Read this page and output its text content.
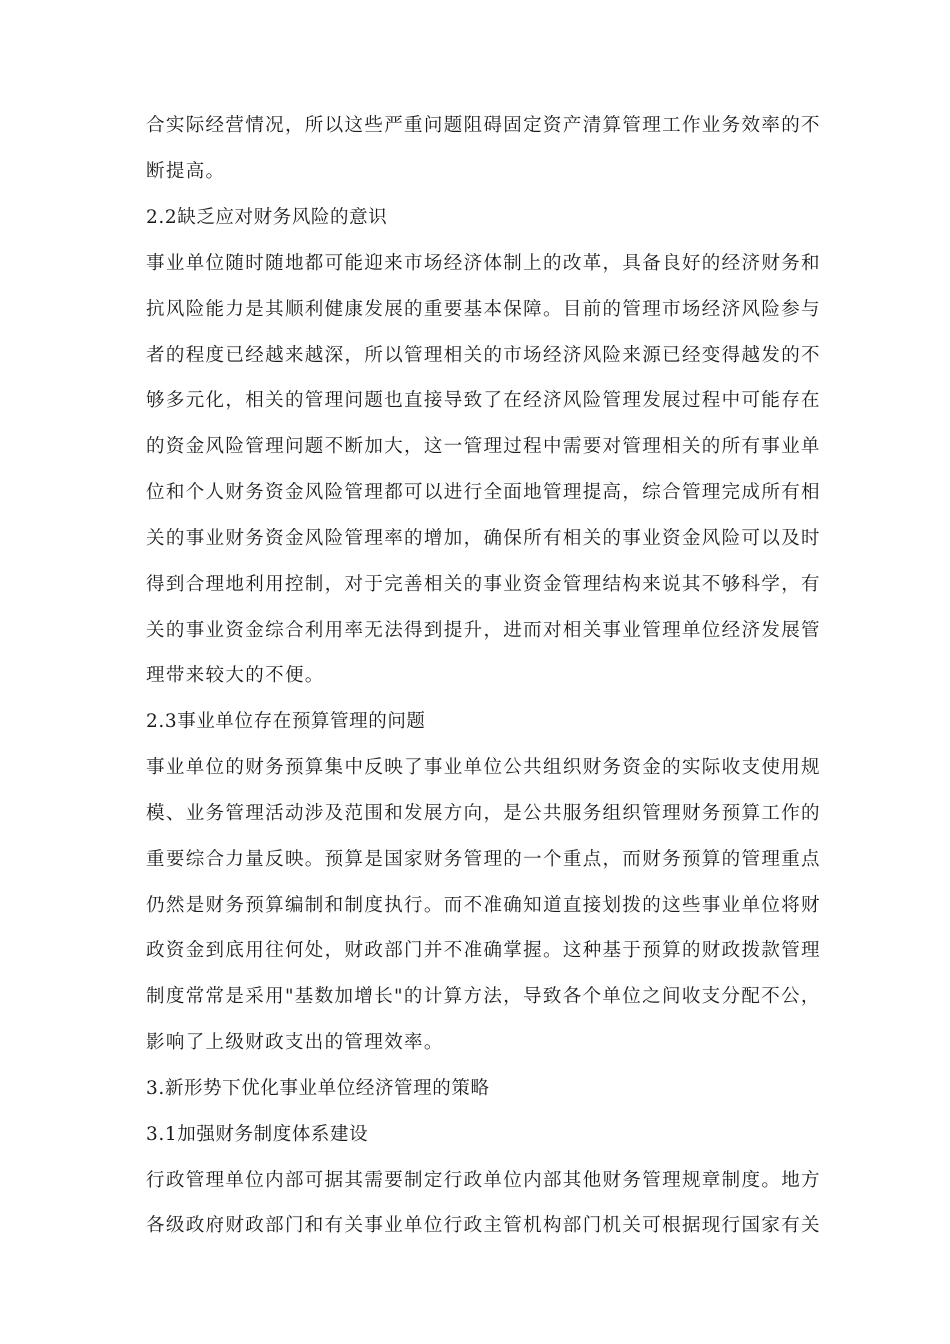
合实际经营情况，所以这些严重问题阻碍固定资产清算管理工作业务效率的不
断提高。
2.2缺乏应对财务风险的意识
事业单位随时随地都可能迎来市场经济体制上的改革，具备良好的经济财务和
抗风险能力是其顺利健康发展的重要基本保障。目前的管理市场经济风险参与
者的程度已经越来越深，所以管理相关的市场经济风险来源已经变得越发的不
够多元化，相关的管理问题也直接导致了在经济风险管理发展过程中可能存在
的资金风险管理问题不断加大，这一管理过程中需要对管理相关的所有事业单
位和个人财务资金风险管理都可以进行全面地管理提高，综合管理完成所有相
关的事业财务资金风险管理率的增加，确保所有相关的事业资金风险可以及时
得到合理地利用控制，对于完善相关的事业资金管理结构来说其不够科学，有
关的事业资金综合利用率无法得到提升，进而对相关事业管理单位经济发展管
理带来较大的不便。
2.3事业单位存在预算管理的问题
事业单位的财务预算集中反映了事业单位公共组织财务资金的实际收支使用规
模、业务管理活动涉及范围和发展方向，是公共服务组织管理财务预算工作的
重要综合力量反映。预算是国家财务管理的一个重点，而财务预算的管理重点
仍然是财务预算编制和制度执行。而不准确知道直接划拨的这些事业单位将财
政资金到底用往何处，财政部门并不准确掌握。这种基于预算的财政拨款管理
制度常常是采用"基数加增长"的计算方法，导致各个单位之间收支分配不公，
影响了上级财政支出的管理效率。
3.新形势下优化事业单位经济管理的策略
3.1加强财务制度体系建设
行政管理单位内部可据其需要制定行政单位内部其他财务管理规章制度。地方
各级政府财政部门和有关事业单位行政主管机构部门机关可根据现行国家有关
